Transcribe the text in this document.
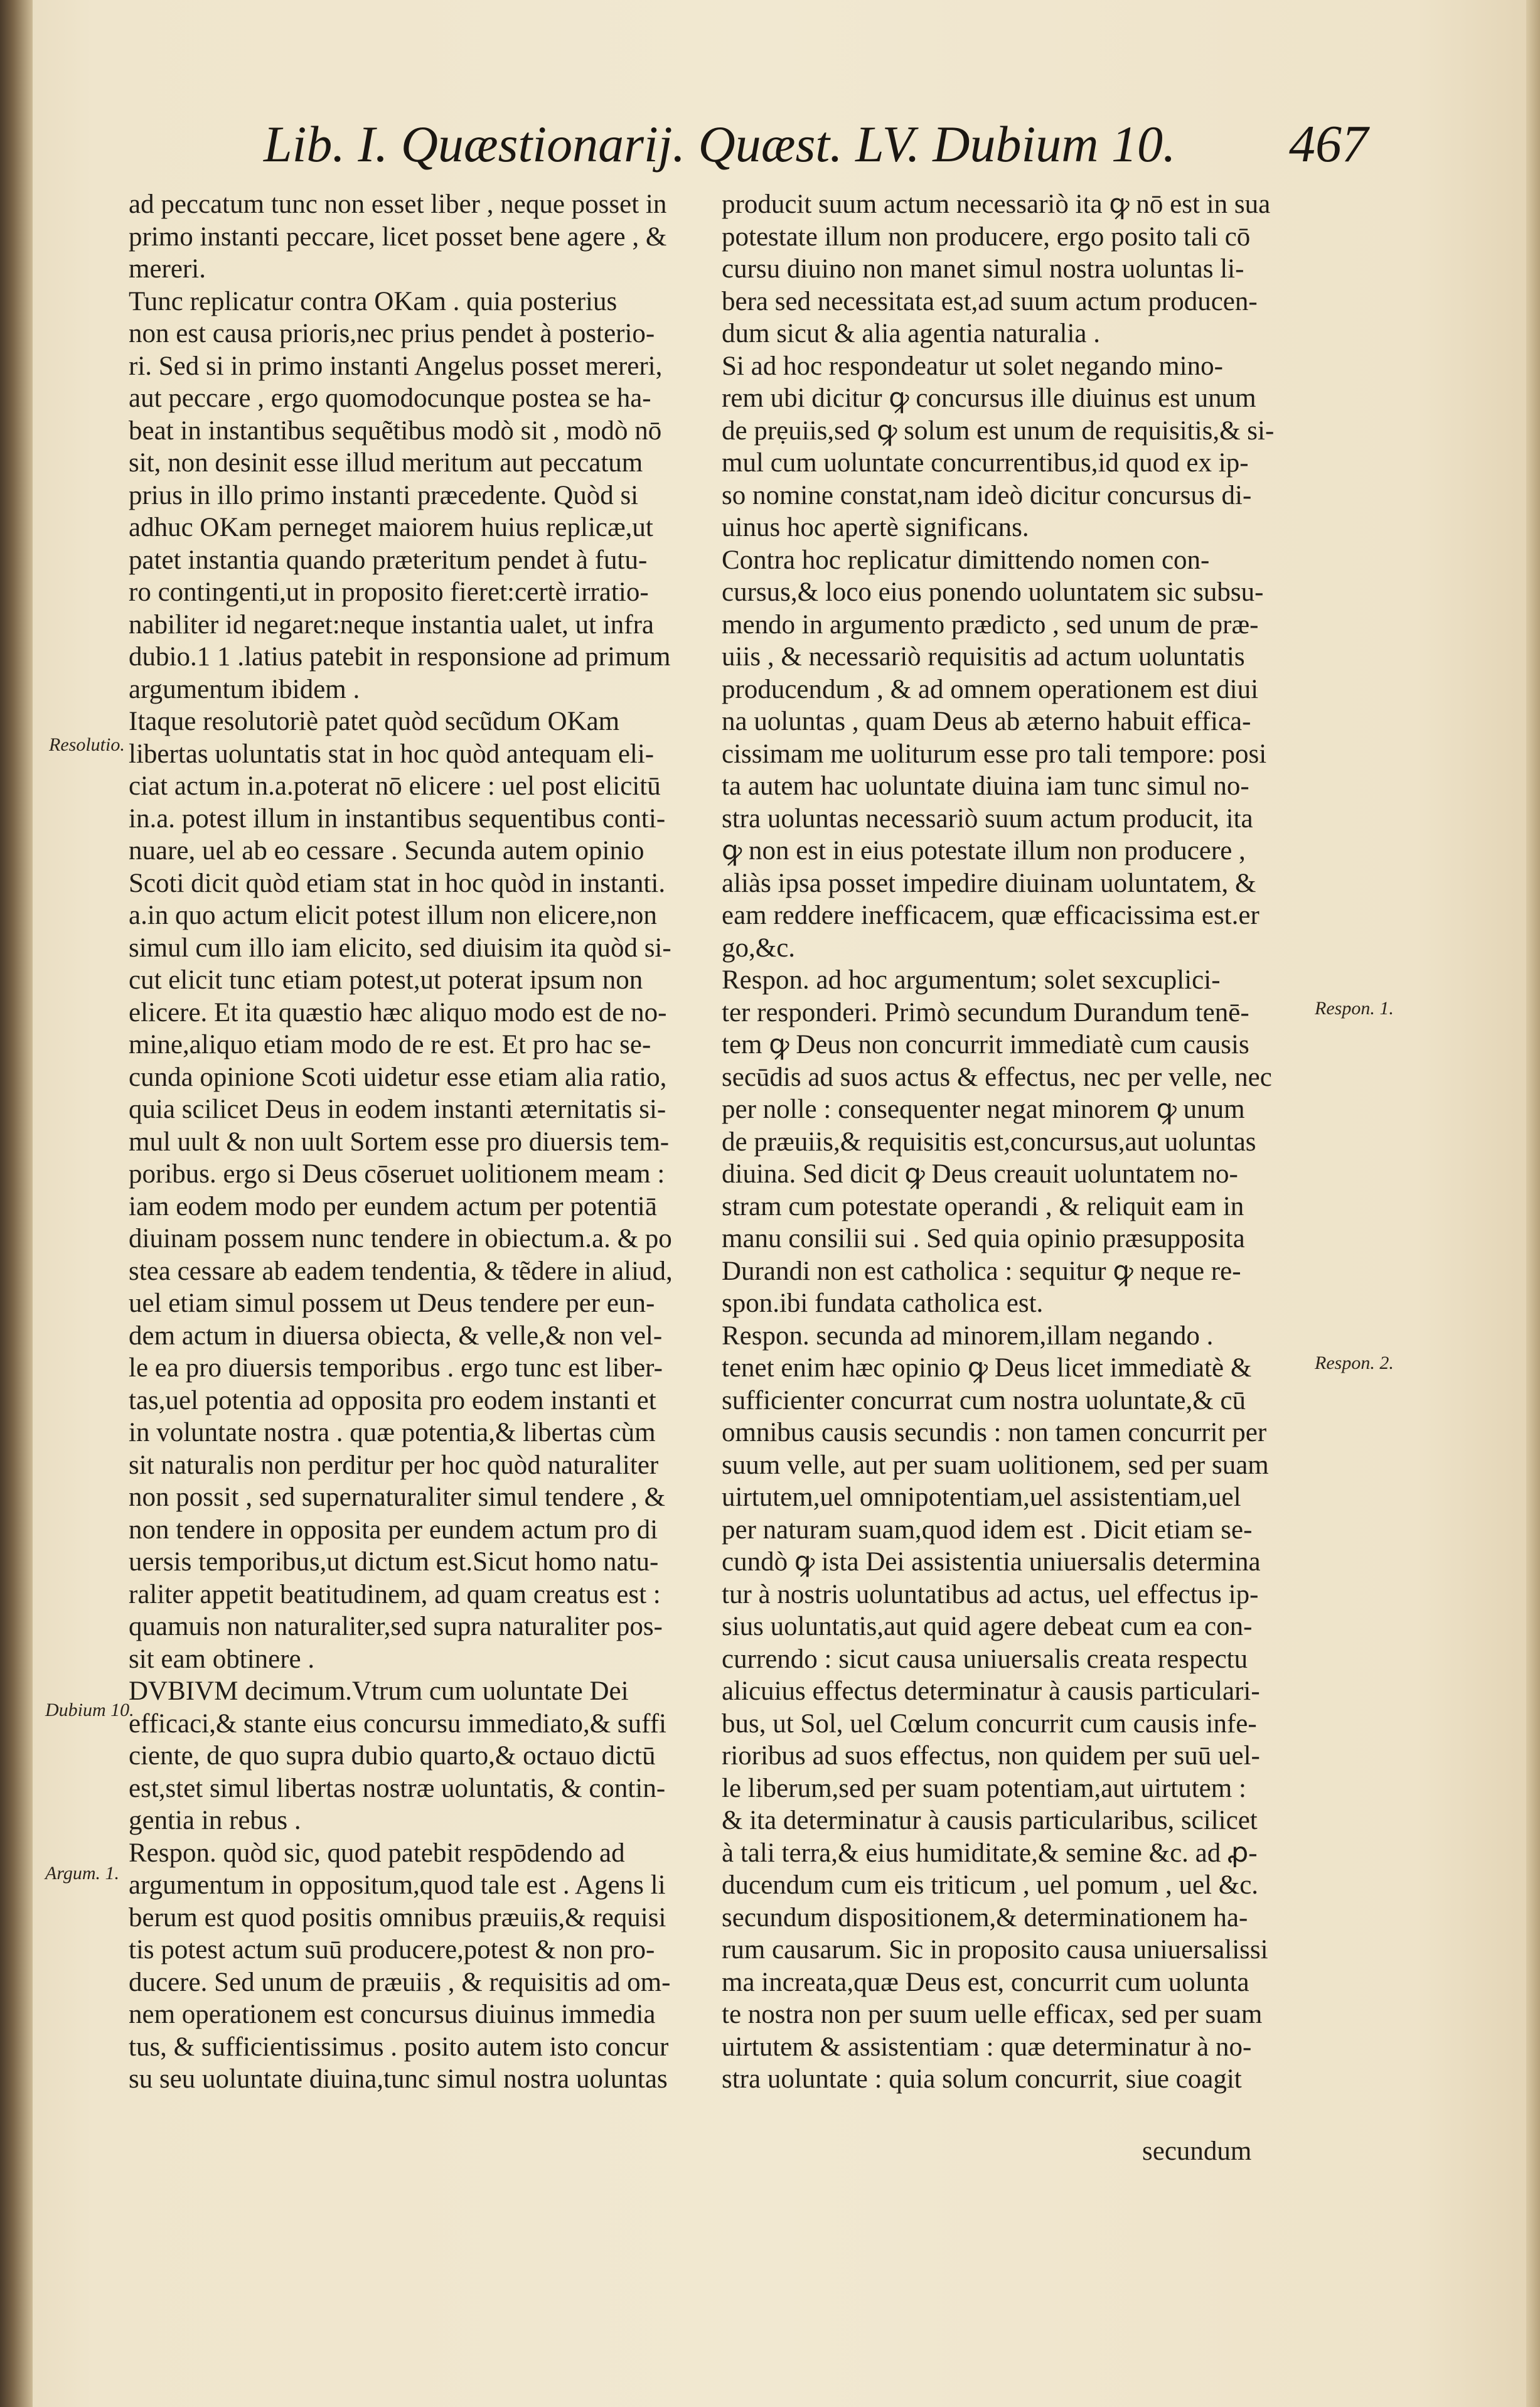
Lib. I. Quæstionarij. Quæst. LV. Dubium 10. 467
ad peccatum tunc non esset liber , neque posset in
primo instanti peccare, licet posset bene agere , &
mereri.
Tunc replicatur contra OKam . quia posterius
non est causa prioris,nec prius pendet à posterio-
ri. Sed si in primo instanti Angelus posset mereri,
aut peccare , ergo quomodocunque postea se ha-
beat in instantibus sequẽtibus modò sit , modò nō
sit, non desinit esse illud meritum aut peccatum
prius in illo primo instanti præcedente. Quòd si
adhuc OKam perneget maiorem huius replicæ,ut
patet instantia quando præteritum pendet à futu-
ro contingenti,ut in proposito fieret:certè irratio-
nabiliter id negaret:neque instantia ualet, ut infra
dubio.1 1 .latius patebit in responsione ad primum
argumentum ibidem .
Itaque resolutoriè patet quòd secũdum OKam
libertas uoluntatis stat in hoc quòd antequam eli-
ciat actum in.a.poterat nō elicere : uel post elicitū
in.a. potest illum in instantibus sequentibus conti-
nuare, uel ab eo cessare . Secunda autem opinio
Scoti dicit quòd etiam stat in hoc quòd in instanti.
a.in quo actum elicit potest illum non elicere,non
simul cum illo iam elicito, sed diuisim ita quòd si-
cut elicit tunc etiam potest,ut poterat ipsum non
elicere. Et ita quæstio hæc aliquo modo est de no-
mine,aliquo etiam modo de re est. Et pro hac se-
cunda opinione Scoti uidetur esse etiam alia ratio,
quia scilicet Deus in eodem instanti æternitatis si-
mul uult & non uult Sortem esse pro diuersis tem-
poribus. ergo si Deus cōseruet uolitionem meam :
iam eodem modo per eundem actum per potentiā
diuinam possem nunc tendere in obiectum.a. & po
stea cessare ab eadem tendentia, & tẽdere in aliud,
uel etiam simul possem ut Deus tendere per eun-
dem actum in diuersa obiecta, & velle,& non vel-
le ea pro diuersis temporibus . ergo tunc est liber-
tas,uel potentia ad opposita pro eodem instanti et
in voluntate nostra . quæ potentia,& libertas cùm
sit naturalis non perditur per hoc quòd naturaliter
non possit , sed supernaturaliter simul tendere , &
non tendere in opposita per eundem actum pro di
uersis temporibus,ut dictum est.Sicut homo natu-
raliter appetit beatitudinem, ad quam creatus est :
quamuis non naturaliter,sed supra naturaliter pos-
sit eam obtinere .
DVBIVM decimum.Vtrum cum uoluntate Dei
efficaci,& stante eius concursu immediato,& suffi
ciente, de quo supra dubio quarto,& octauo dictū
est,stet simul libertas nostræ uoluntatis, & contin-
gentia in rebus .
Respon. quòd sic, quod patebit respōdendo ad
argumentum in oppositum,quod tale est . Agens li
berum est quod positis omnibus præuiis,& requisi
tis potest actum suū producere,potest & non pro-
ducere. Sed unum de præuiis , & requisitis ad om-
nem operationem est concursus diuinus immedia
tus, & sufficientissimus . posito autem isto concur
su seu uoluntate diuina,tunc simul nostra uoluntas
producit suum actum necessariò ita ꝙ nō est in sua
potestate illum non producere, ergo posito tali cō
cursu diuino non manet simul nostra uoluntas li-
bera sed necessitata est,ad suum actum producen-
dum sicut & alia agentia naturalia .
Si ad hoc respondeatur ut solet negando mino-
rem ubi dicitur ꝙ concursus ille diuinus est unum
de prẹuiis,sed ꝙ solum est unum de requisitis,& si-
mul cum uoluntate concurrentibus,id quod ex ip-
so nomine constat,nam ideò dicitur concursus di-
uinus hoc apertè significans.
Contra hoc replicatur dimittendo nomen con-
cursus,& loco eius ponendo uoluntatem sic subsu-
mendo in argumento prædicto , sed unum de præ-
uiis , & necessariò requisitis ad actum uoluntatis
producendum , & ad omnem operationem est diui
na uoluntas , quam Deus ab æterno habuit effica-
cissimam me uoliturum esse pro tali tempore: posi
ta autem hac uoluntate diuina iam tunc simul no-
stra uoluntas necessariò suum actum producit, ita
ꝙ non est in eius potestate illum non producere ,
aliàs ipsa posset impedire diuinam uoluntatem, &
eam reddere inefficacem, quæ efficacissima est.er
go,&c.
Respon. ad hoc argumentum; solet sexcuplici-
ter responderi. Primò secundum Durandum tenē-
tem ꝙ Deus non concurrit immediatè cum causis
secūdis ad suos actus & effectus, nec per velle, nec
per nolle : consequenter negat minorem ꝙ unum
de præuiis,& requisitis est,concursus,aut uoluntas
diuina. Sed dicit ꝙ Deus creauit uoluntatem no-
stram cum potestate operandi , & reliquit eam in
manu consilii sui . Sed quia opinio præsupposita
Durandi non est catholica : sequitur ꝙ neque re-
spon.ibi fundata catholica est.
Respon. secunda ad minorem,illam negando .
tenet enim hæc opinio ꝙ Deus licet immediatè &
sufficienter concurrat cum nostra uoluntate,& cū
omnibus causis secundis : non tamen concurrit per
suum velle, aut per suam uolitionem, sed per suam
uirtutem,uel omnipotentiam,uel assistentiam,uel
per naturam suam,quod idem est . Dicit etiam se-
cundò ꝙ ista Dei assistentia uniuersalis determina
tur à nostris uoluntatibus ad actus, uel effectus ip-
sius uoluntatis,aut quid agere debeat cum ea con-
currendo : sicut causa uniuersalis creata respectu
alicuius effectus determinatur à causis particulari-
bus, ut Sol, uel Cœlum concurrit cum causis infe-
rioribus ad suos effectus, non quidem per suū uel-
le liberum,sed per suam potentiam,aut uirtutem :
& ita determinatur à causis particularibus, scilicet
à tali terra,& eius humiditate,& semine &c. ad ꝓ-
ducendum cum eis triticum , uel pomum , uel &c.
secundum dispositionem,& determinationem ha-
rum causarum. Sic in proposito causa uniuersalissi
ma increata,quæ Deus est, concurrit cum uolunta
te nostra non per suum uelle efficax, sed per suam
uirtutem & assistentiam : quæ determinatur à no-
stra uoluntate : quia solum concurrit, siue coagit
Resolutio.
Dubium 10.
Argum. 1.
Respon. 1.
Respon. 2.
secundum
